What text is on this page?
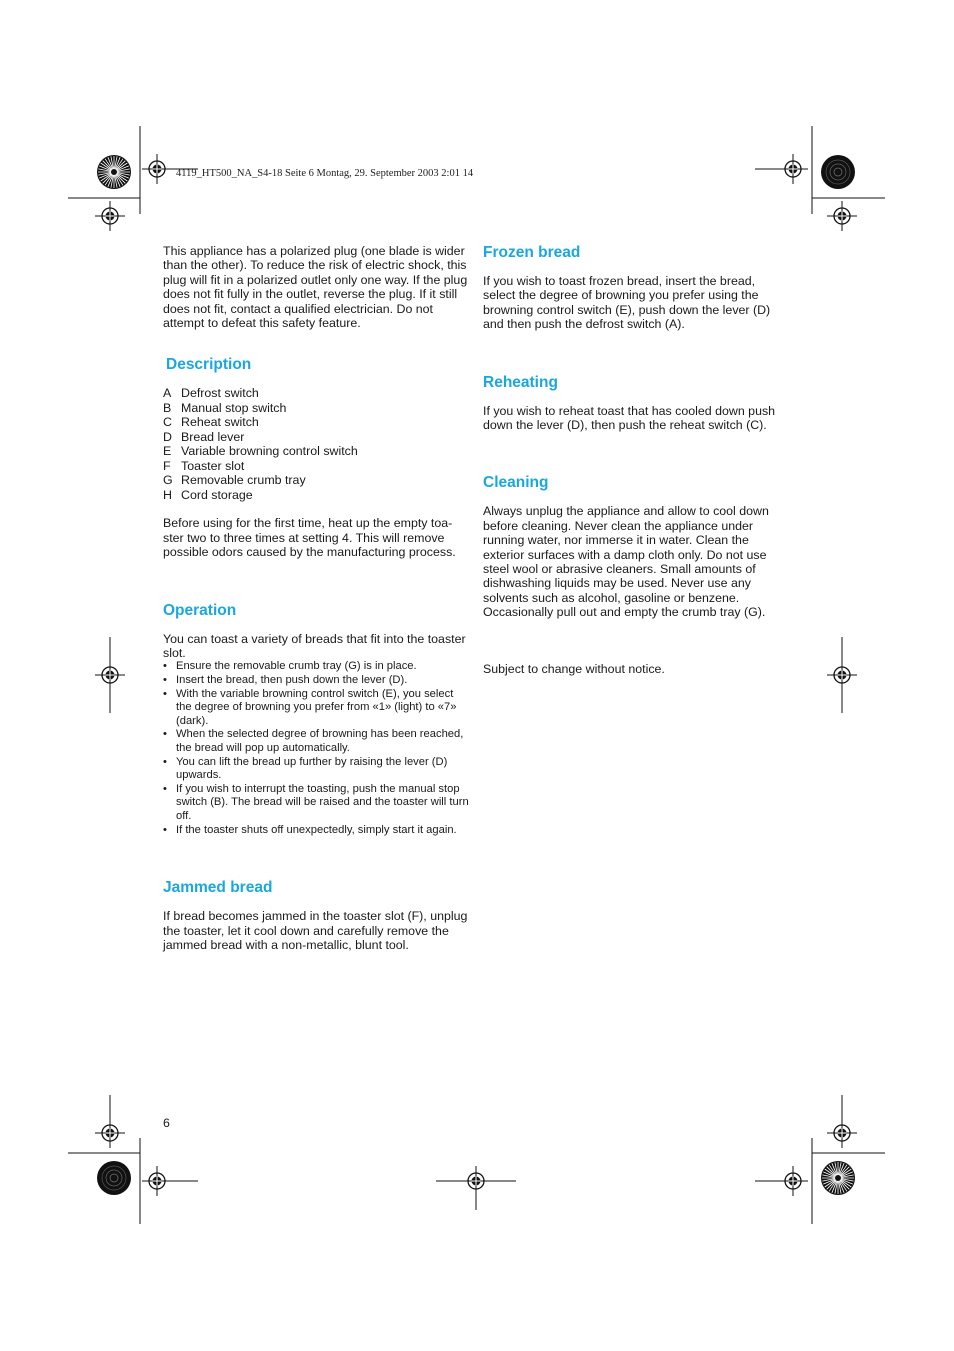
4119_HT500_NA_S4-18 Seite 6 Montag, 29. September 2003 2:01 14

This appliance has a polarized plug (one blade is wider than the other). To reduce the risk of electric shock, this plug will fit in a polarized outlet only one way. If the plug does not fit fully in the outlet, reverse the plug. If it still does not fit, contact a qualified electrician. Do not attempt to defeat this safety feature.

Description
A Defrost switch
B Manual stop switch
C Reheat switch
D Bread lever
E Variable browning control switch
F Toaster slot
G Removable crumb tray
H Cord storage

Before using for the first time, heat up the empty toa-ster two to three times at setting 4. This will remove possible odors caused by the manufacturing process.

Operation

You can toast a variety of breads that fit into the toaster slot.

• Ensure the removable crumb tray (G) is in place.
• Insert the bread, then push down the lever (D).
• With the variable browning control switch (E), you select the degree of browning you prefer from «1» (light) to «7» (dark).
• When the selected degree of browning has been reached, the bread will pop up automatically.
• You can lift the bread up further by raising the lever (D) upwards.
• If you wish to interrupt the toasting, push the manual stop switch (B). The bread will be raised and the toaster will turn off.
• If the toaster shuts off unexpectedly, simply start it again.
Jammed bread

If bread becomes jammed in the toaster slot (F), unplug the toaster, let it cool down and carefully remove the jammed bread with a non-metallic, blunt tool.

Frozen bread

If you wish to toast frozen bread, insert the bread, select the degree of browning you prefer using the browning control switch (E), push down the lever (D) and then push the defrost switch (A).

Reheating

If you wish to reheat toast that has cooled down push down the lever (D), then push the reheat switch (C).

Cleaning

Always unplug the appliance and allow to cool down before cleaning. Never clean the appliance under running water, nor immerse it in water. Clean the exterior surfaces with a damp cloth only. Do not use steel wool or abrasive cleaners. Small amounts of dishwashing liquids may be used. Never use any solvents such as alcohol, gasoline or benzene. Occasionally pull out and empty the crumb tray (G).

Subject to change without notice.

6
